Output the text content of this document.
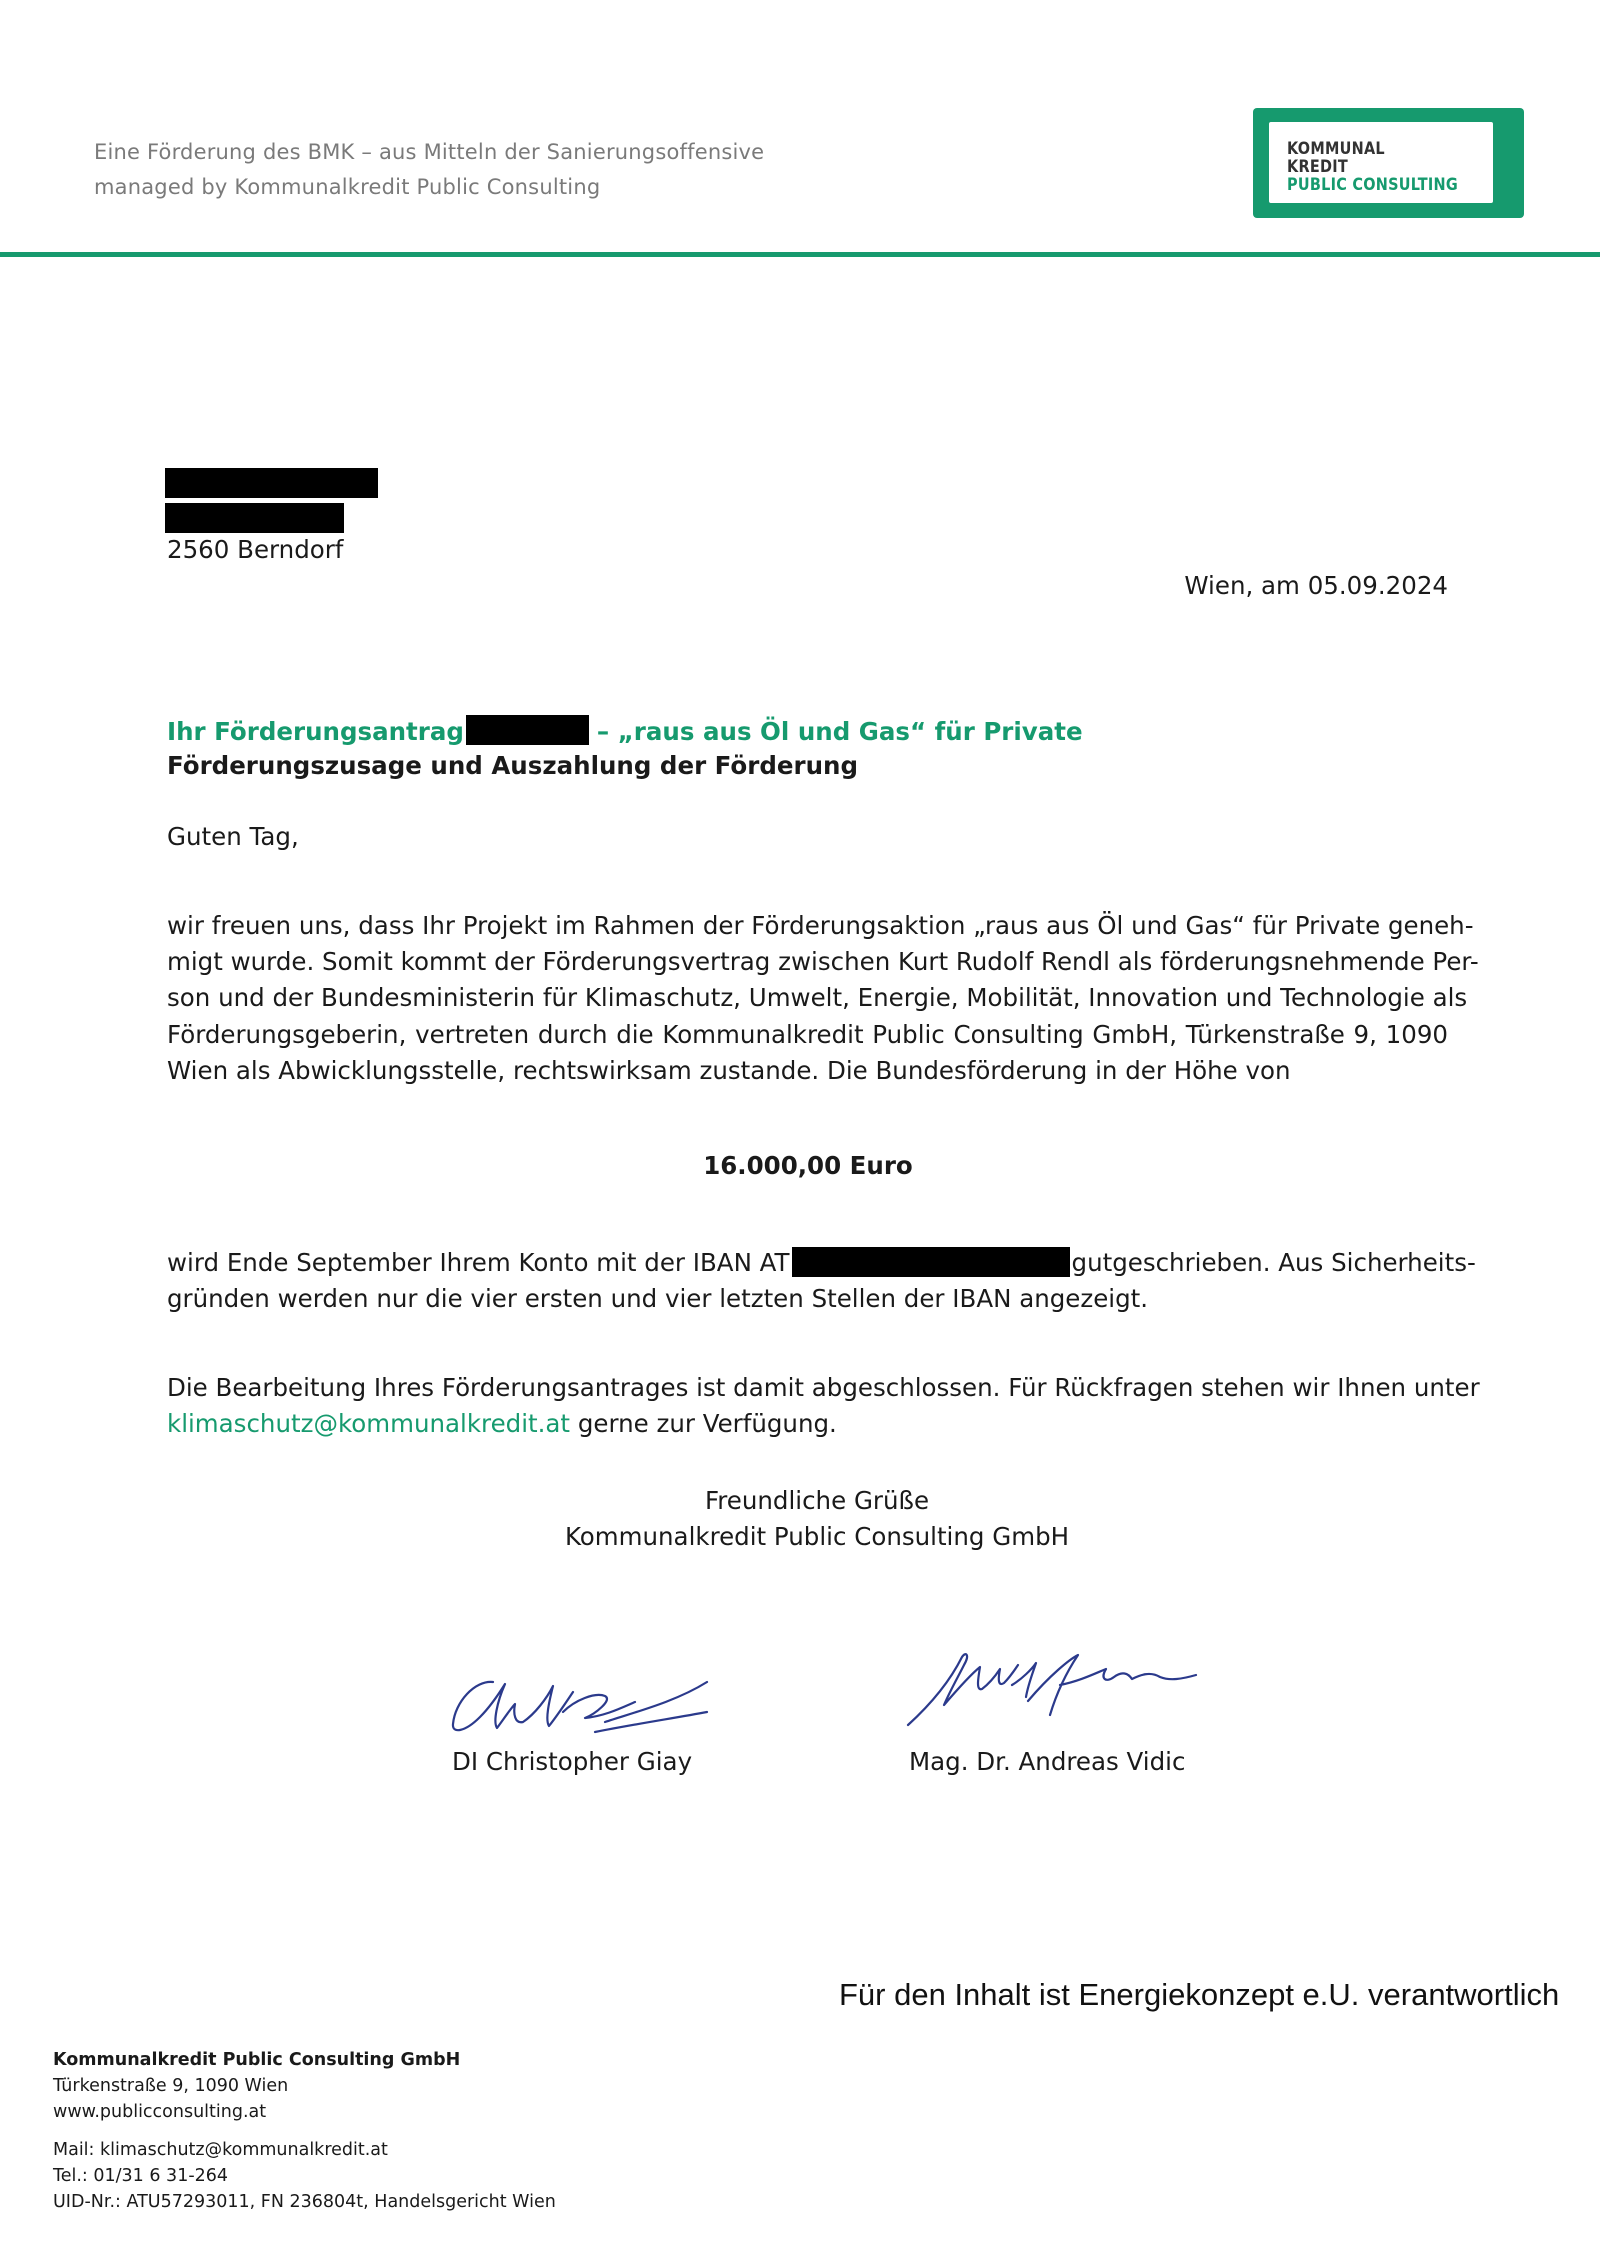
Eine Förderung des BMK – aus Mitteln der Sanierungsoffensive
managed by Kommunalkredit Public Consulting
KOMMUNAL
KREDIT
PUBLIC CONSULTING
2560 Berndorf
Wien, am 05.09.2024
Ihr Förderungsantrag	– „raus aus Öl und Gas“ für Private
Förderungszusage und Auszahlung der Förderung
Guten Tag,
wir freuen uns, dass Ihr Projekt im Rahmen der Förderungsaktion „raus aus Öl und Gas“ für Private geneh-
migt wurde. Somit kommt der Förderungsvertrag zwischen Kurt Rudolf Rendl als förderungsnehmende Per-
son und der Bundesministerin für Klimaschutz, Umwelt, Energie, Mobilität, Innovation und Technologie als
Förderungsgeberin, vertreten durch die Kommunalkredit Public Consulting GmbH, Türkenstraße 9, 1090
Wien als Abwicklungsstelle, rechtswirksam zustande. Die Bundesförderung in der Höhe von
16.000,00 Euro
wird Ende September Ihrem Konto mit der IBAN AT	gutgeschrieben. Aus Sicherheits-
gründen werden nur die vier ersten und vier letzten Stellen der IBAN angezeigt.
Die Bearbeitung Ihres Förderungsantrages ist damit abgeschlossen. Für Rückfragen stehen wir Ihnen unter
klimaschutz@kommunalkredit.at gerne zur Verfügung.
Freundliche Grüße
Kommunalkredit Public Consulting GmbH
DI Christopher Giay	Mag. Dr. Andreas Vidic
Für den Inhalt ist Energiekonzept e.U. verantwortlich
Kommunalkredit Public Consulting GmbH
Türkenstraße 9, 1090 Wien
www.publicconsulting.at
Mail: klimaschutz@kommunalkredit.at
Tel.: 01/31 6 31-264
UID-Nr.: ATU57293011, FN 236804t, Handelsgericht Wien
